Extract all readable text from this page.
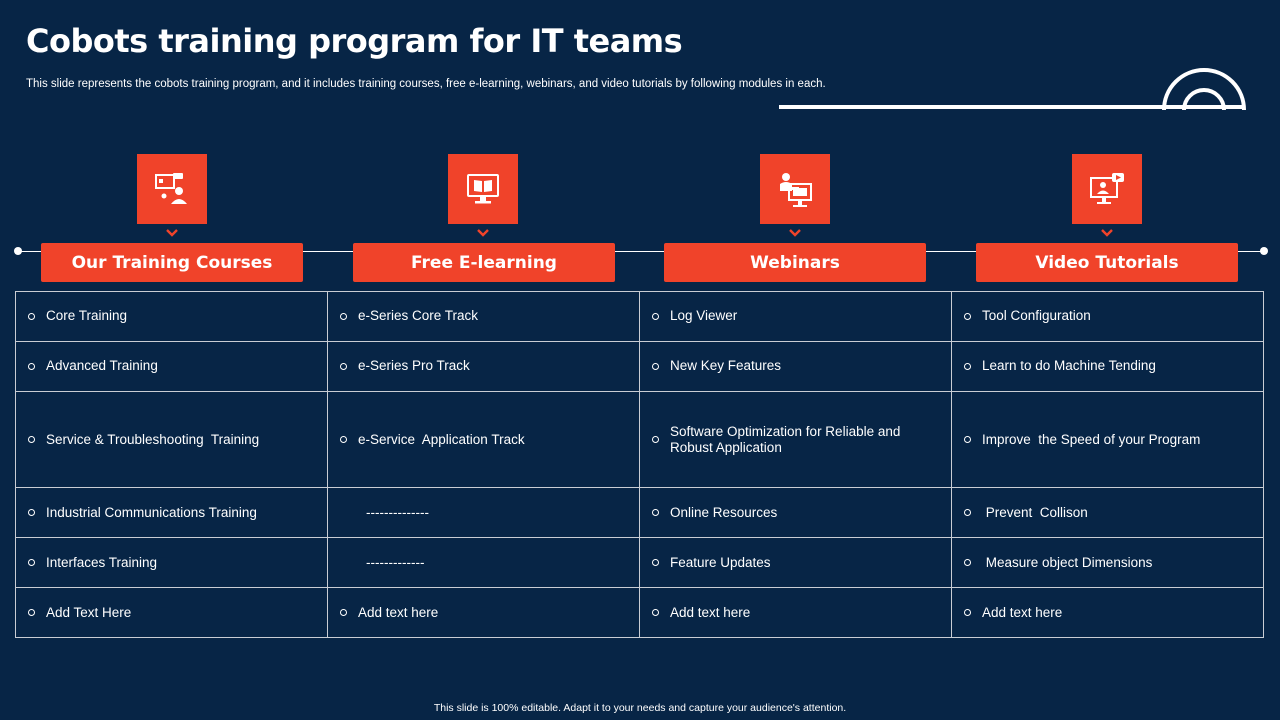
Cobots training program for IT teams
This slide represents the cobots training program, and it includes training courses, free e-learning, webinars, and video tutorials by following modules in each.
Our Training Courses	Free E-learning	Webinars	Video Tutorials
Core Training	e-Series Core Track	Log Viewer	Tool Configuration

Advanced Training	e-Series Pro Track	New Key Features	Learn to do Machine Tending

Service & Troubleshooting  Training	e-Service  Application Track	Software Optimization for Reliable and Robust Application	Improve  the Speed of your Program

Industrial Communications Training	--------------	Online Resources	Prevent  Collison

Interfaces Training	-------------	Feature Updates	Measure object Dimensions

Add Text Here	Add text here	Add text here	Add text here
This slide is 100% editable. Adapt it to your needs and capture your audience's attention.
